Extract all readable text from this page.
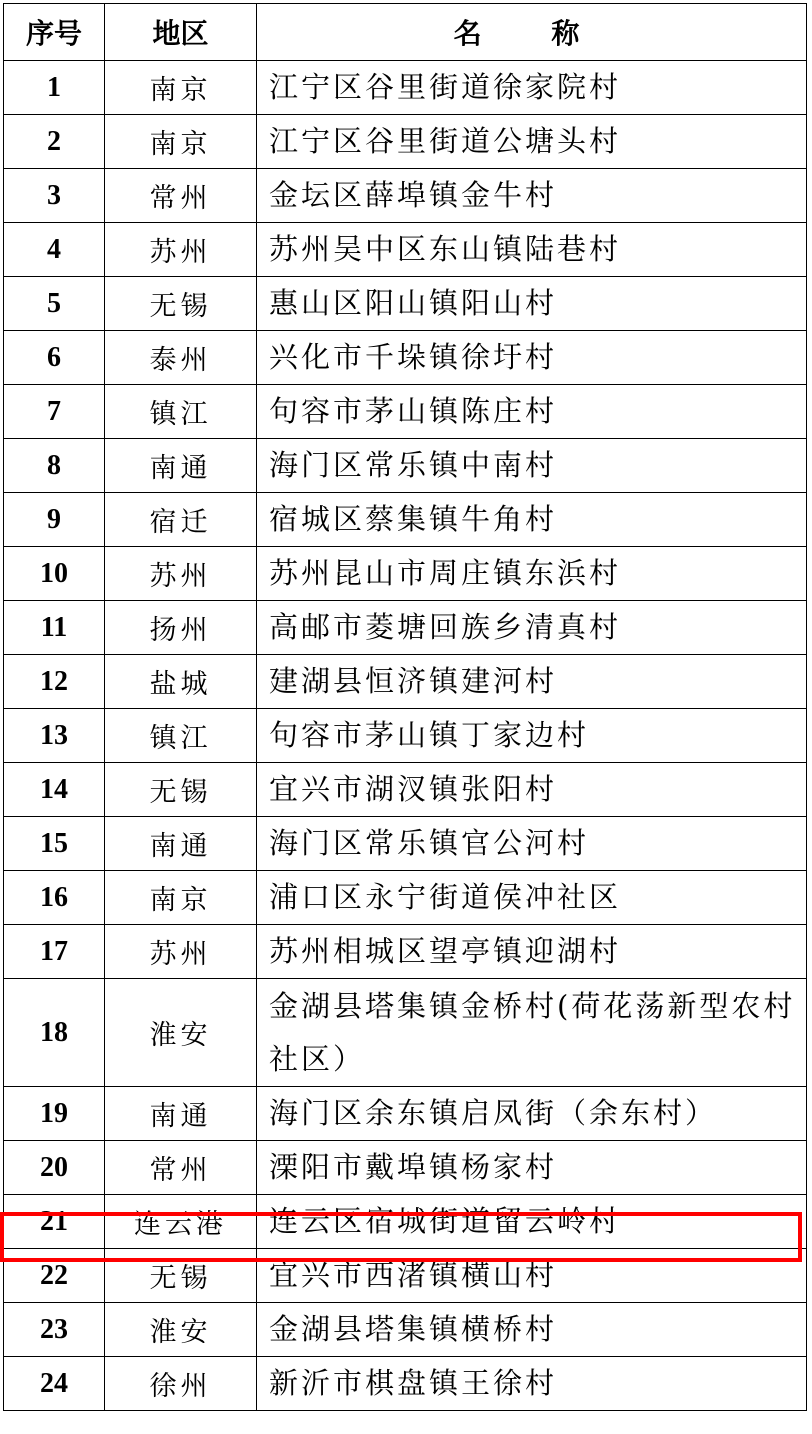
序号	地区	名 称
1	南京	江宁区谷里街道徐家院村
2	南京	江宁区谷里街道公塘头村
3	常州	金坛区薛埠镇金牛村
4	苏州	苏州吴中区东山镇陆巷村
5	无锡	惠山区阳山镇阳山村
6	泰州	兴化市千垛镇徐圩村
7	镇江	句容市茅山镇陈庄村
8	南通	海门区常乐镇中南村
9	宿迁	宿城区蔡集镇牛角村
10	苏州	苏州昆山市周庄镇东浜村
11	扬州	高邮市菱塘回族乡清真村
12	盐城	建湖县恒济镇建河村
13	镇江	句容市茅山镇丁家边村
14	无锡	宜兴市湖汊镇张阳村
15	南通	海门区常乐镇官公河村
16	南京	浦口区永宁街道侯冲社区
17	苏州	苏州相城区望亭镇迎湖村
18	淮安	金湖县塔集镇金桥村(荷花荡新型农村社区）
19	南通	海门区余东镇启凤街（余东村）
20	常州	溧阳市戴埠镇杨家村
21	连云港	连云区宿城街道留云岭村
22	无锡	宜兴市西渚镇横山村
23	淮安	金湖县塔集镇横桥村
24	徐州	新沂市棋盘镇王徐村
